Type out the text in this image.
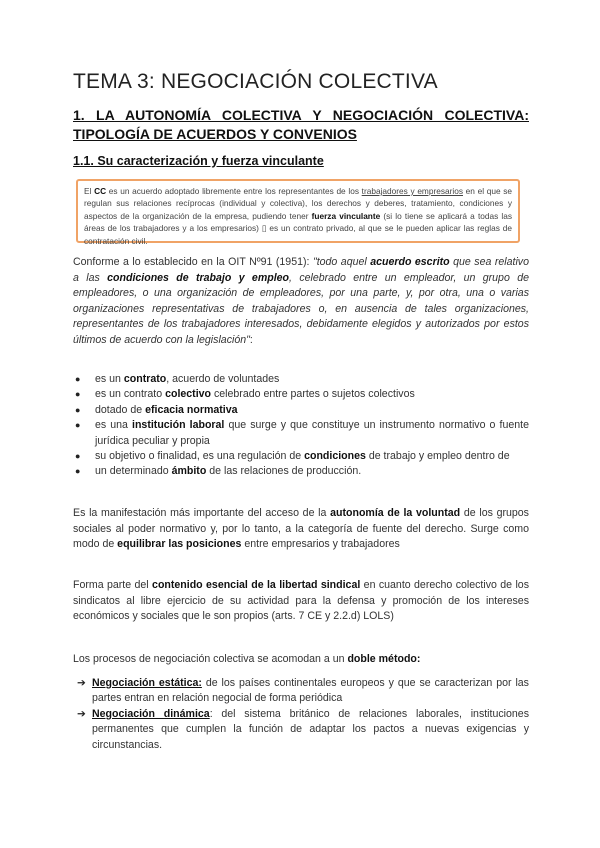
TEMA 3: NEGOCIACIÓN COLECTIVA
1. LA AUTONOMÍA COLECTIVA Y NEGOCIACIÓN COLECTIVA: TIPOLOGÍA DE ACUERDOS Y CONVENIOS
1.1. Su caracterización y fuerza vinculante
El CC es un acuerdo adoptado libremente entre los representantes de los trabajadores y empresarios en el que se regulan sus relaciones recíprocas (individual y colectiva), los derechos y deberes, tratamiento, condiciones y aspectos de la organización de la empresa, pudiendo tener fuerza vinculante (si lo tiene se aplicará a todas las áreas de los trabajadores y a los empresarios) ▯ es un contrato privado, al que se le pueden aplicar las reglas de contratación civil.

Conforme a lo establecido en la OIT Nº91 (1951): "todo aquel acuerdo escrito que sea relativo a las condiciones de trabajo y empleo, celebrado entre un empleador, un grupo de empleadores, o una organización de empleadores, por una parte, y, por otra, una o varias organizaciones representativas de trabajadores o, en ausencia de tales organizaciones, representantes de los trabajadores interesados, debidamente elegidos y autorizados por estos últimos de acuerdo con la legislación":

● es un contrato, acuerdo de voluntades
● es un contrato colectivo celebrado entre partes o sujetos colectivos
● dotado de eficacia normativa
● es una institución laboral que surge y que constituye un instrumento normativo o fuente jurídica peculiar y propia
● su objetivo o finalidad, es una regulación de condiciones de trabajo y empleo dentro de
● un determinado ámbito de las relaciones de producción.

Es la manifestación más importante del acceso de la autonomía de la voluntad de los grupos sociales al poder normativo y, por lo tanto, a la categoría de fuente del derecho. Surge como modo de equilibrar las posiciones entre empresarios y trabajadores

Forma parte del contenido esencial de la libertad sindical en cuanto derecho colectivo de los sindicatos al libre ejercicio de su actividad para la defensa y promoción de los intereses económicos y sociales que le son propios (arts. 7 CE y 2.2.d) LOLS)

Los procesos de negociación colectiva se acomodan a un doble método:

➔ Negociación estática: de los países continentales europeos y que se caracterizan por las partes entran en relación negocial de forma periódica
➔ Negociación dinámica: del sistema británico de relaciones laborales, instituciones permanentes que cumplen la función de adaptar los pactos a nuevas exigencias y circunstancias.
